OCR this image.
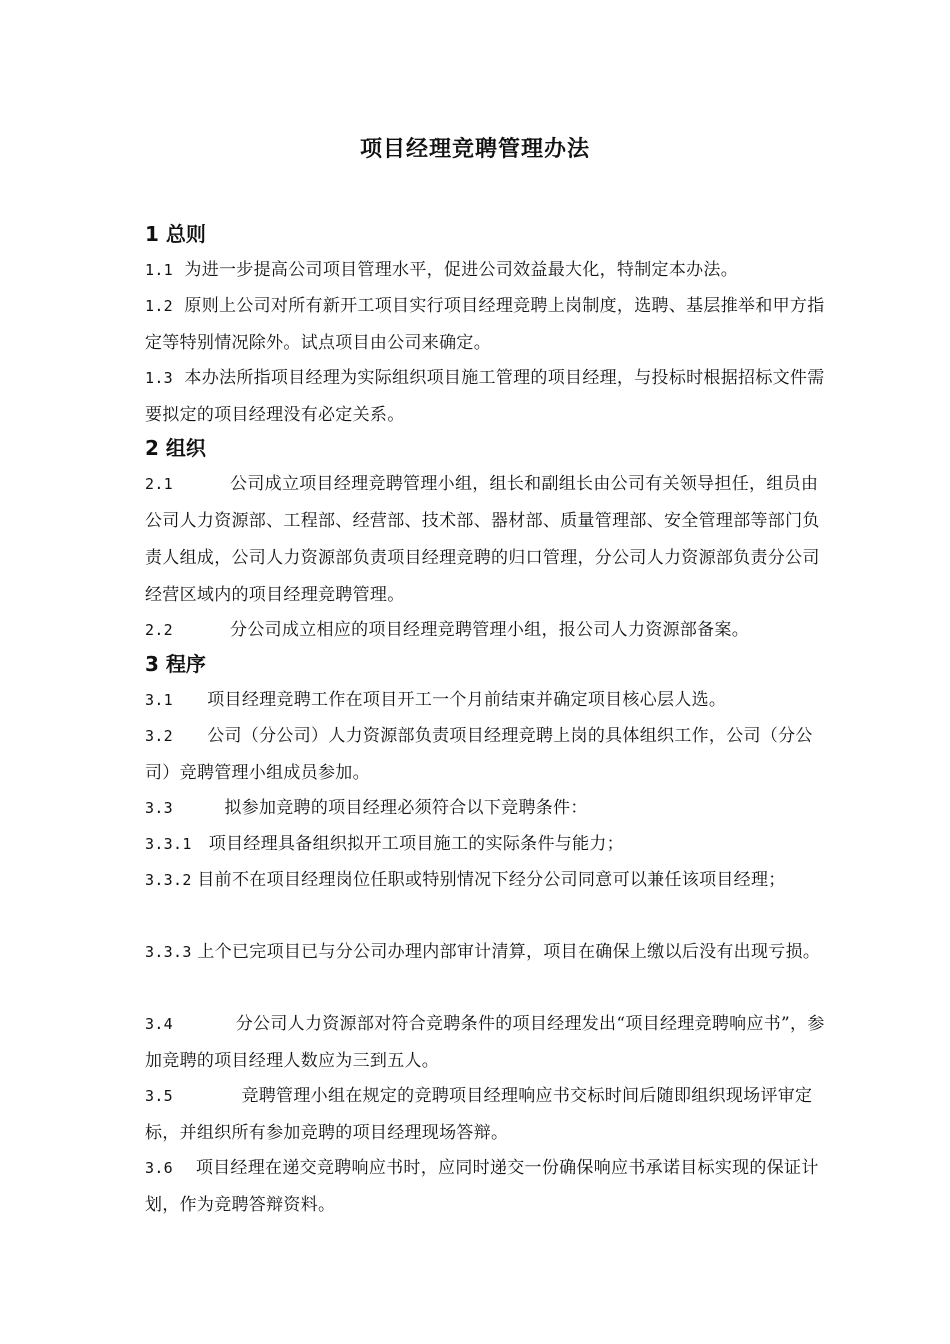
项目经理竞聘管理办法
1 总则
1.1 为进一步提高公司项目管理水平，促进公司效益最大化，特制定本办法。
1.2 原则上公司对所有新开工项目实行项目经理竞聘上岗制度，选聘、基层推举和甲方指定等特别情况除外。试点项目由公司来确定。
1.3 本办法所指项目经理为实际组织项目施工管理的项目经理，与投标时根据招标文件需要拟定的项目经理没有必定关系。
2 组织
2.1	公司成立项目经理竞聘管理小组，组长和副组长由公司有关领导担任，组员由公司人力资源部、工程部、经营部、技术部、器材部、质量管理部、安全管理部等部门负责人组成，公司人力资源部负责项目经理竞聘的归口管理，分公司人力资源部负责分公司经营区域内的项目经理竞聘管理。
2.2	分公司成立相应的项目经理竞聘管理小组，报公司人力资源部备案。
3 程序
3.1 项目经理竞聘工作在项目开工一个月前结束并确定项目核心层人选。
3.2 公司（分公司）人力资源部负责项目经理竞聘上岗的具体组织工作，公司（分公司）竞聘管理小组成员参加。
3.3	拟参加竞聘的项目经理必须符合以下竞聘条件：
3.3.1 项目经理具备组织拟开工项目施工的实际条件与能力；
3.3.2 目前不在项目经理岗位任职或特别情况下经分公司同意可以兼任该项目经理；
3.3.3 上个已完项目已与分公司办理内部审计清算，项目在确保上缴以后没有出现亏损。
3.4	分公司人力资源部对符合竞聘条件的项目经理发出“项目经理竞聘响应书”，参加竞聘的项目经理人数应为三到五人。
3.5	竞聘管理小组在规定的竞聘项目经理响应书交标时间后随即组织现场评审定标，并组织所有参加竞聘的项目经理现场答辩。
3.6 项目经理在递交竞聘响应书时，应同时递交一份确保响应书承诺目标实现的保证计划，作为竞聘答辩资料。
